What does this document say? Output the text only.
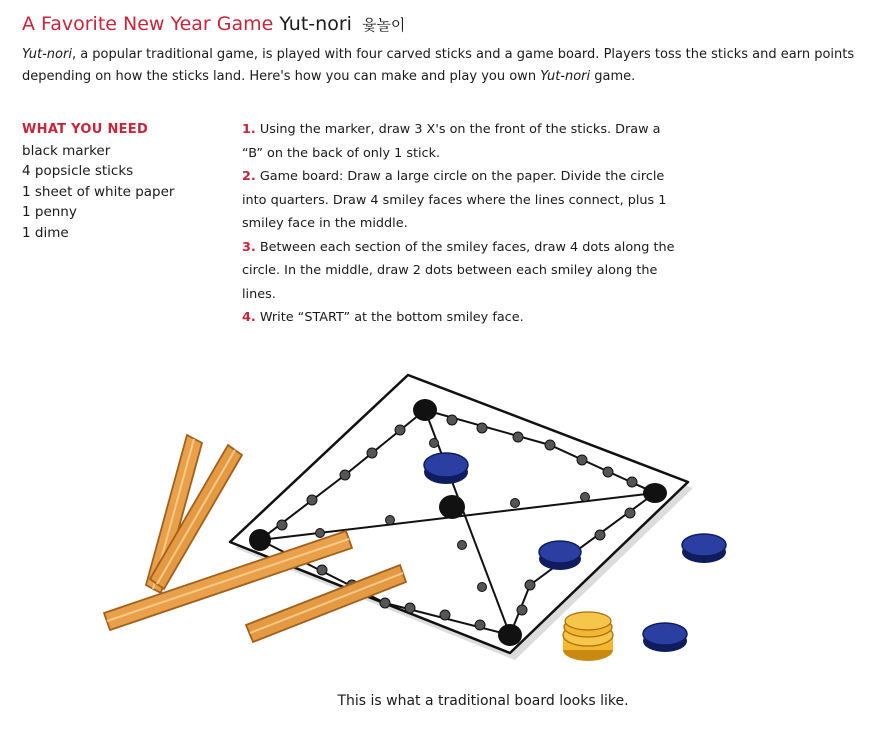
A Favorite New Year Game Yut-nori 윷놀이
Yut-nori, a popular traditional game, is played with four carved sticks and a game board. Players toss the sticks and earn points depending on how the sticks land. Here's how you can make and play you own Yut-nori game.
WHAT YOU NEED
black marker
4 popsicle sticks
1 sheet of white paper
1 penny
1 dime
1. Using the marker, draw 3 X's on the front of the sticks. Draw a “B” on the back of only 1 stick.
2. Game board: Draw a large circle on the paper. Divide the circle into quarters. Draw 4 smiley faces where the lines connect, plus 1 smiley face in the middle.
3. Between each section of the smiley faces, draw 4 dots along the circle. In the middle, draw 2 dots between each smiley along the lines.
4. Write “START” at the bottom smiley face.
This is what a traditional board looks like.
